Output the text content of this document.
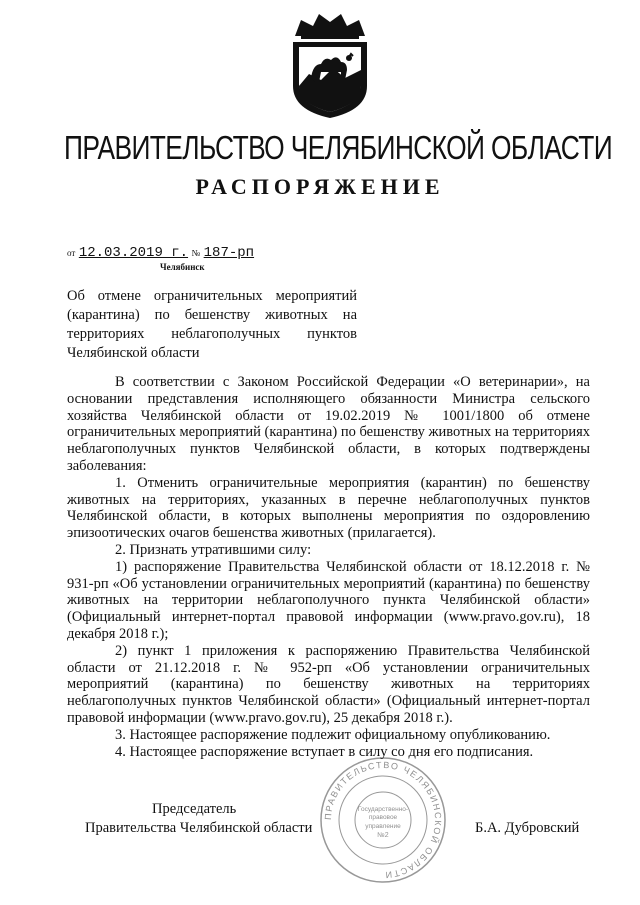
ПРАВИТЕЛЬСТВО ЧЕЛЯБИНСКОЙ ОБЛАСТИ
РАСПОРЯЖЕНИЕ
от 12.03.2019 г. № 187-рп
Челябинск
Об отмене ограничительных мероприятий
(карантина) по бешенству животных на
территориях неблагополучных пунктов
Челябинской области

В соответствии с Законом Российской Федерации «О ветеринарии», на основании представления исполняющего обязанности Министра сельского хозяйства Челябинской области от 19.02.2019 № 1001/1800 об отмене ограничительных мероприятий (карантина) по бешенству животных на территориях неблагополучных пунктов Челябинской области, в которых подтверждены заболевания:

1. Отменить ограничительные мероприятия (карантин) по бешенству животных на территориях, указанных в перечне неблагополучных пунктов Челябинской области, в которых выполнены мероприятия по оздоровлению эпизоотических очагов бешенства животных (прилагается).

2. Признать утратившими силу:

1) распоряжение Правительства Челябинской области от 18.12.2018 г. № 931-рп «Об установлении ограничительных мероприятий (карантина) по бешенству животных на территории неблагополучного пункта Челябинской области» (Официальный интернет-портал правовой информации (www.pravo.gov.ru), 18 декабря 2018 г.);

2) пункт 1 приложения к распоряжению Правительства Челябинской области от 21.12.2018 г. № 952-рп «Об установлении ограничительных мероприятий (карантина) по бешенству животных на территориях неблагополучных пунктов Челябинской области» (Официальный интернет-портал правовой информации (www.pravo.gov.ru), 25 декабря 2018 г.).

3. Настоящее распоряжение подлежит официальному опубликованию.

4. Настоящее распоряжение вступает в силу со дня его подписания.

Председатель
Правительства Челябинской области	Б.А. Дубровский
ПРАВИТЕЛЬСТВО ЧЕЛЯБИНСКОЙ ОБЛАСТИ
Государственно-
правовое
управление
№2
